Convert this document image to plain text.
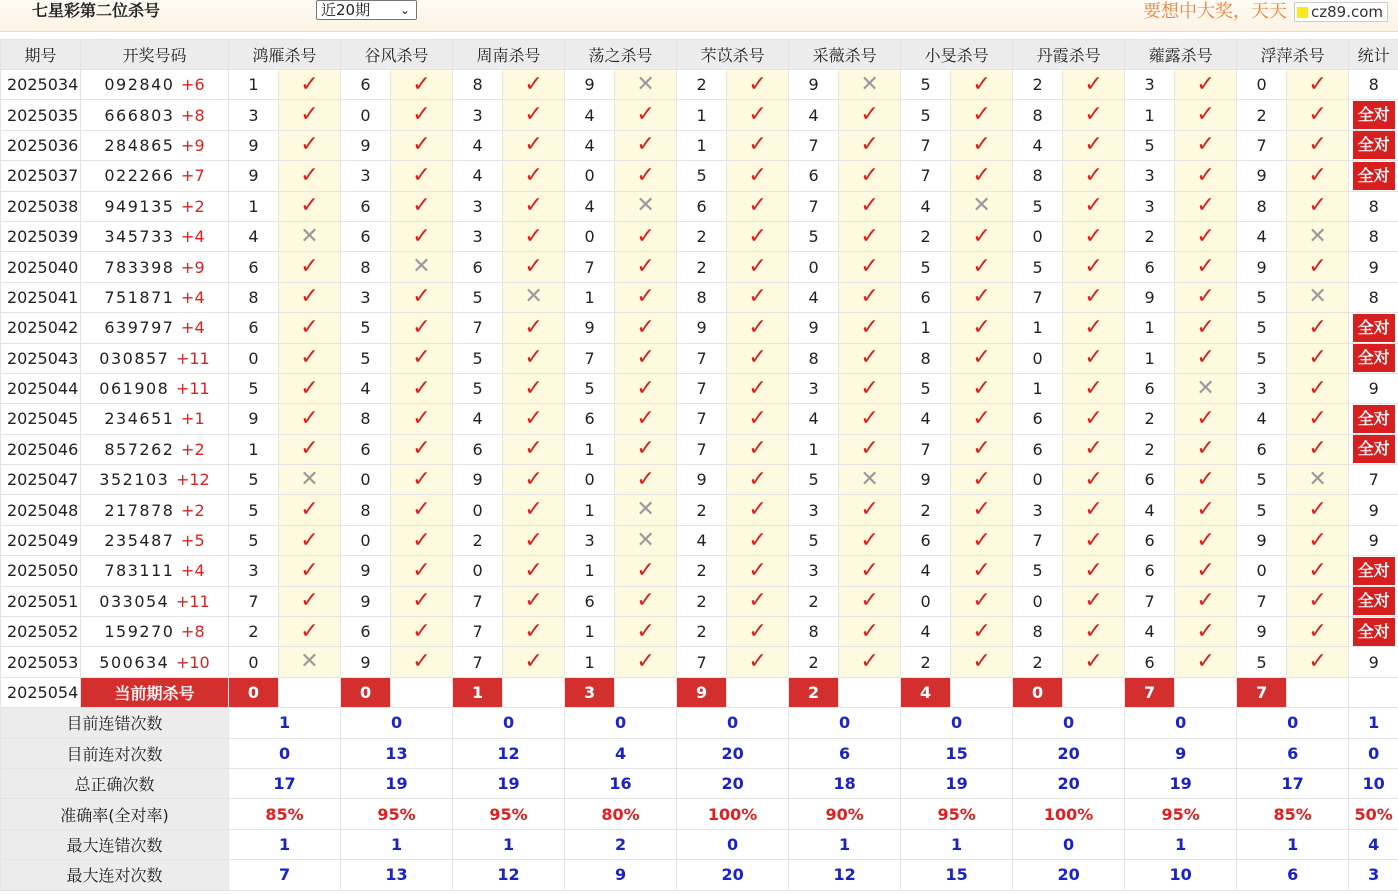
七星彩第二位杀号	近20期 ⌄	要想中大奖，天天	cz89.com
期号	开奖号码	鸿雁杀号		谷风杀号		周南杀号		荡之杀号		芣苡杀号		采薇杀号		小旻杀号		丹霞杀号		蕹露杀号		浮萍杀号		统计
2025034	092840 +6	1	✓	6	✓	8	✓	9	✕	2	✓	9	✕	5	✓	2	✓	3	✓	0	✓	8
2025035	666803 +8	3	✓	0	✓	3	✓	4	✓	1	✓	4	✓	5	✓	8	✓	1	✓	2	✓	全对
2025036	284865 +9	9	✓	9	✓	4	✓	4	✓	1	✓	7	✓	7	✓	4	✓	5	✓	7	✓	全对
2025037	022266 +7	9	✓	3	✓	4	✓	0	✓	5	✓	6	✓	7	✓	8	✓	3	✓	9	✓	全对
2025038	949135 +2	1	✓	6	✓	3	✓	4	✕	6	✓	7	✓	4	✕	5	✓	3	✓	8	✓	8
2025039	345733 +4	4	✕	6	✓	3	✓	0	✓	2	✓	5	✓	2	✓	0	✓	2	✓	4	✕	8
2025040	783398 +9	6	✓	8	✕	6	✓	7	✓	2	✓	0	✓	5	✓	5	✓	6	✓	9	✓	9
2025041	751871 +4	8	✓	3	✓	5	✕	1	✓	8	✓	4	✓	6	✓	7	✓	9	✓	5	✕	8
2025042	639797 +4	6	✓	5	✓	7	✓	9	✓	9	✓	9	✓	1	✓	1	✓	1	✓	5	✓	全对
2025043	030857 +11	0	✓	5	✓	5	✓	7	✓	7	✓	8	✓	8	✓	0	✓	1	✓	5	✓	全对
2025044	061908 +11	5	✓	4	✓	5	✓	5	✓	7	✓	3	✓	5	✓	1	✓	6	✕	3	✓	9
2025045	234651 +1	9	✓	8	✓	4	✓	6	✓	7	✓	4	✓	4	✓	6	✓	2	✓	4	✓	全对
2025046	857262 +2	1	✓	6	✓	6	✓	1	✓	7	✓	1	✓	7	✓	6	✓	2	✓	6	✓	全对
2025047	352103 +12	5	✕	0	✓	9	✓	0	✓	9	✓	5	✕	9	✓	0	✓	6	✓	5	✕	7
2025048	217878 +2	5	✓	8	✓	0	✓	1	✕	2	✓	3	✓	2	✓	3	✓	4	✓	5	✓	9
2025049	235487 +5	5	✓	0	✓	2	✓	3	✕	4	✓	5	✓	6	✓	7	✓	6	✓	9	✓	9
2025050	783111 +4	3	✓	9	✓	0	✓	1	✓	2	✓	3	✓	4	✓	5	✓	6	✓	0	✓	全对
2025051	033054 +11	7	✓	9	✓	7	✓	6	✓	2	✓	2	✓	0	✓	0	✓	7	✓	7	✓	全对
2025052	159270 +8	2	✓	6	✓	7	✓	1	✓	2	✓	8	✓	4	✓	8	✓	4	✓	9	✓	全对
2025053	500634 +10	0	✕	9	✓	7	✓	1	✓	7	✓	2	✓	2	✓	2	✓	6	✓	5	✓	9
2025054	当前期杀号	0		0		1		3		9		2		4		0		7		7		
目前连错次数		1		0		0		0		0		0		0		0		0		0		1
目前连对次数		0		13		12		4		20		6		15		20		9		6		0
总正确次数		17		19		19		16		20		18		19		20		19		17		10
准确率(全对率)		85%		95%		95%		80%		100%		90%		95%		100%		95%		85%		50%
最大连错次数		1		1		1		2		0		1		1		0		1		1		4
最大连对次数		7		13		12		9		20		12		15		20		10		6		3
